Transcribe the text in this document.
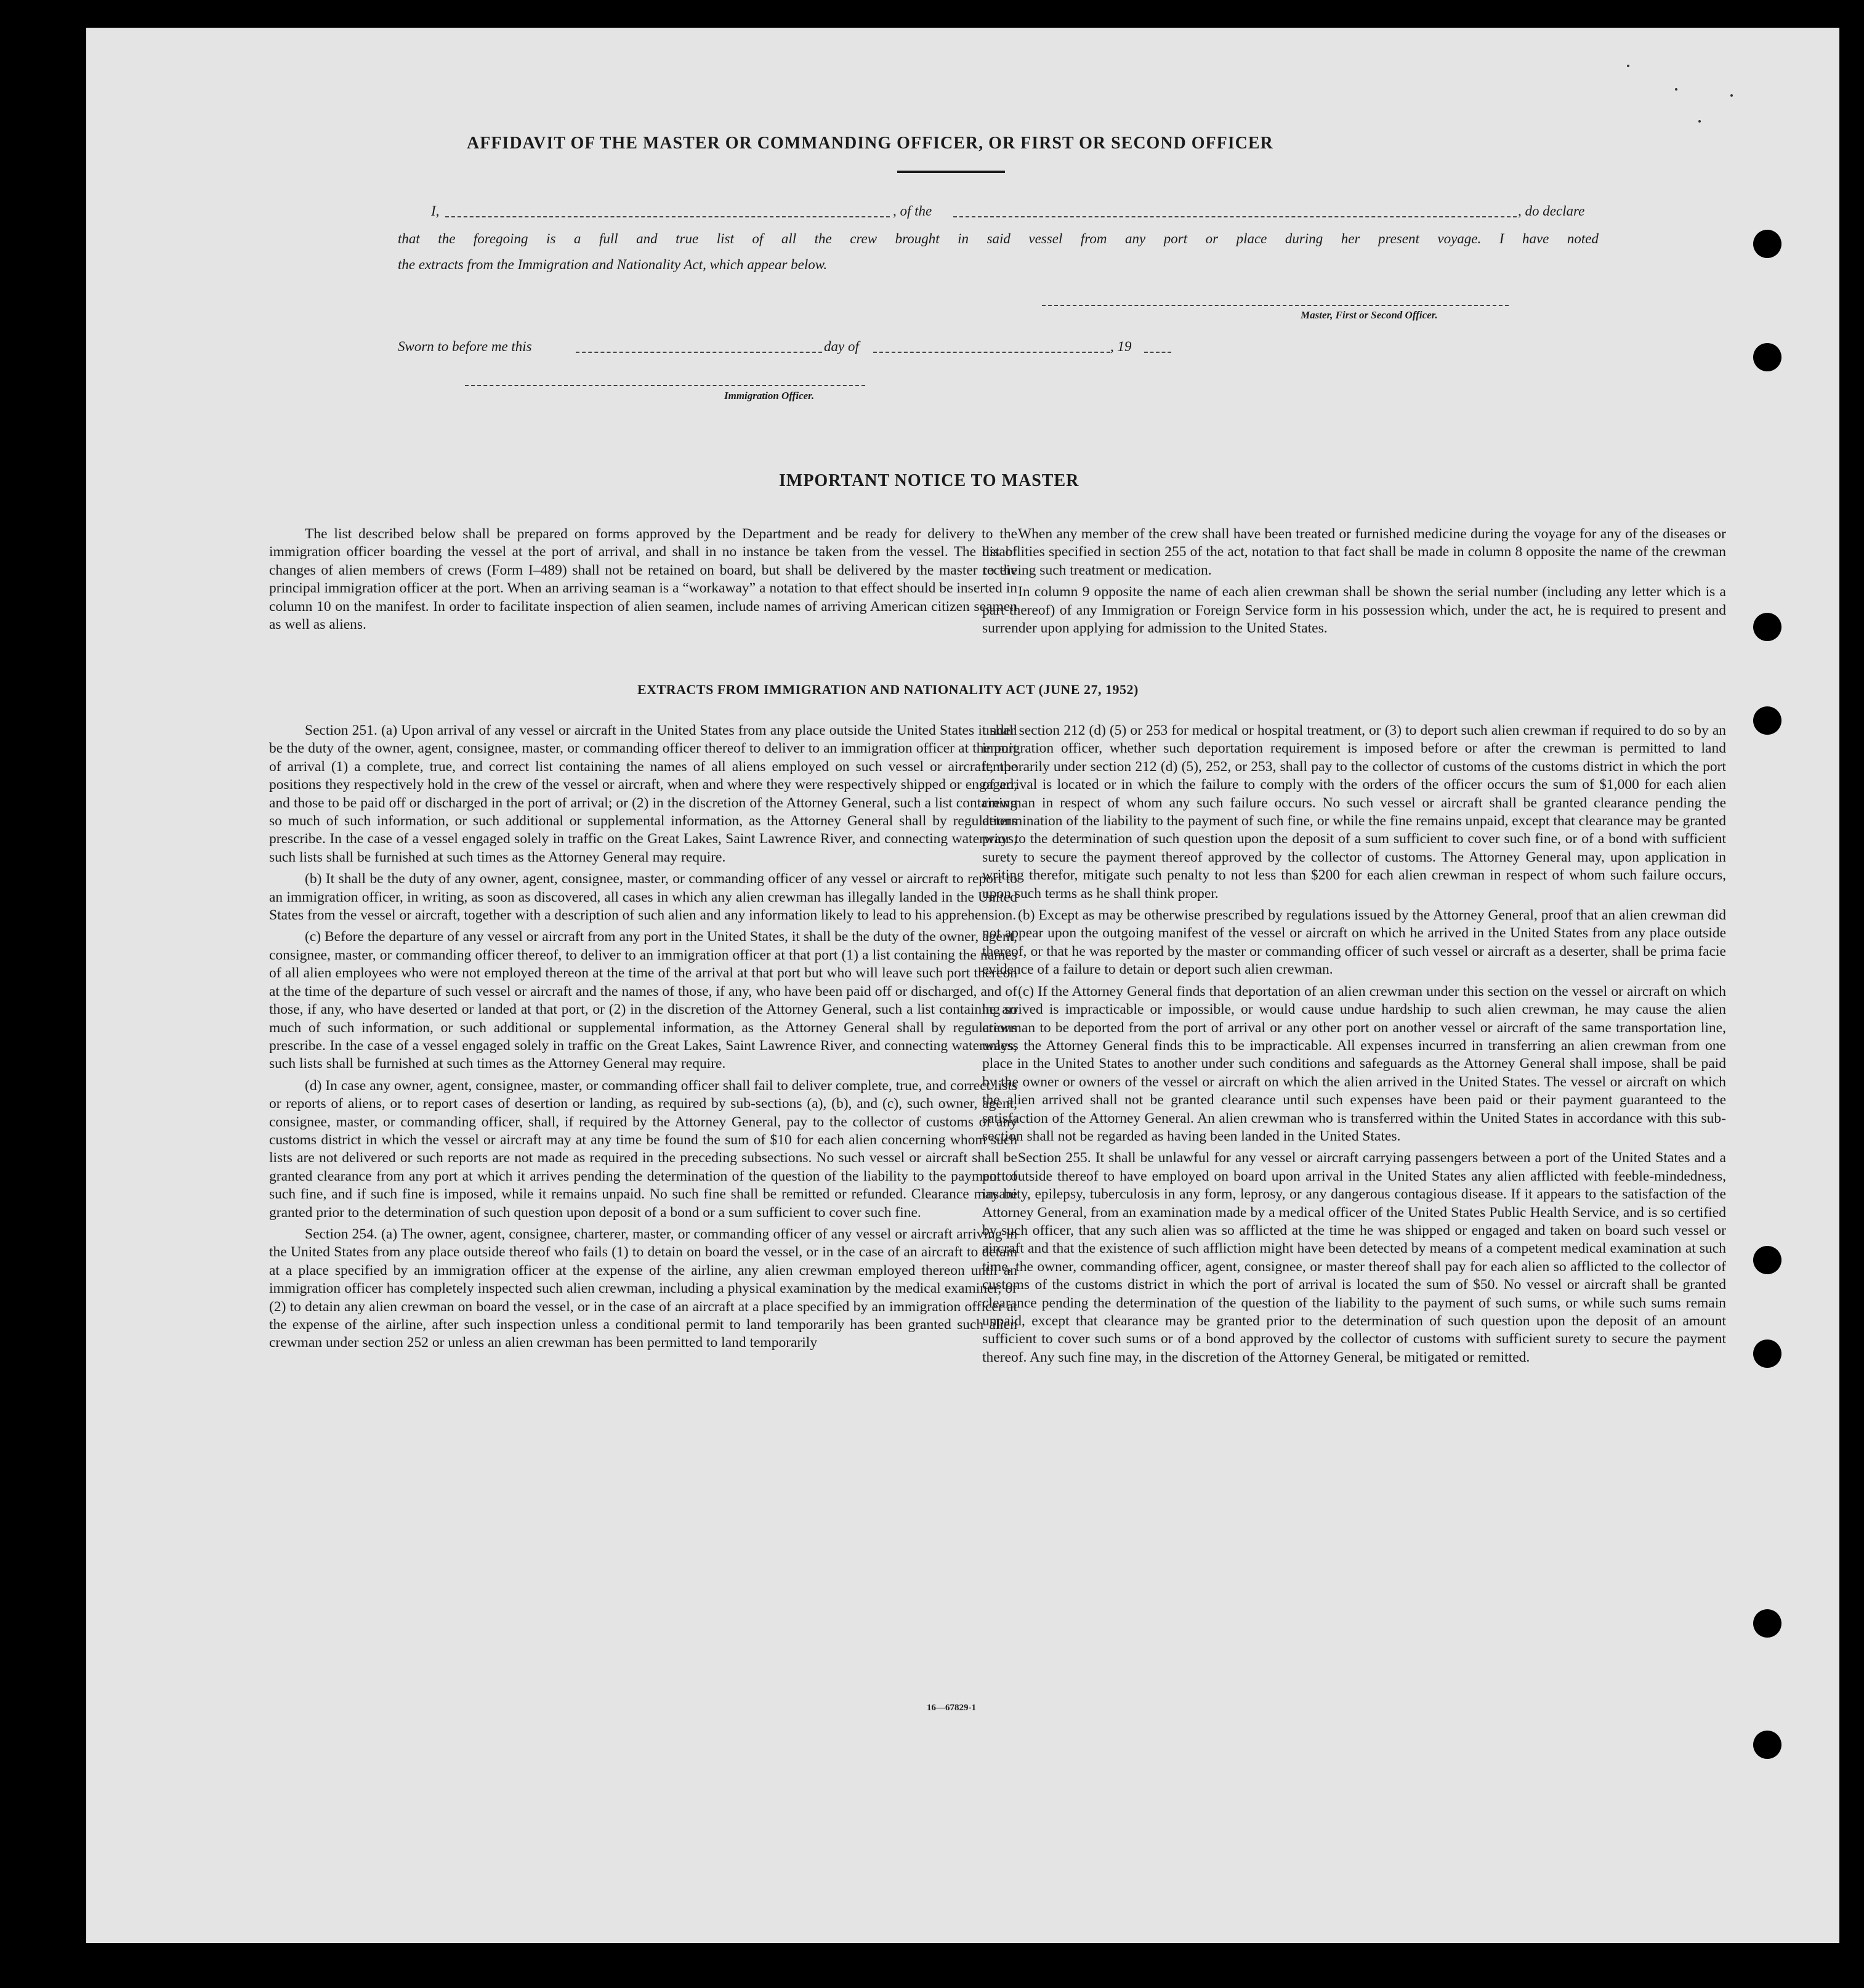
AFFIDAVIT OF THE MASTER OR COMMANDING OFFICER, OR FIRST OR SECOND OFFICER
I,	, of the	, do declare
that the foregoing is a full and true list of all the crew brought in said vessel from any port or place during her present voyage. I have noted
the extracts from the Immigration and Nationality Act, which appear below.
Master, First or Second Officer.
Sworn to before me this	day of	, 19
Immigration Officer.
IMPORTANT NOTICE TO MASTER

The list described below shall be prepared on forms approved by the Department and be ready for delivery to the immigration officer boarding the vessel at the port of arrival, and shall in no instance be taken from the vessel. The list of changes of alien members of crews (Form I–489) shall not be retained on board, but shall be delivered by the master to the principal immigration officer at the port. When an arriving seaman is a “workaway” a notation to that effect should be inserted in column 10 on the manifest. In order to facilitate inspection of alien seamen, include names of arriving American citizen seamen as well as aliens.

When any member of the crew shall have been treated or furnished medicine during the voyage for any of the diseases or disabilities specified in section 255 of the act, notation to that fact shall be made in column 8 opposite the name of the crewman receiving such treatment or medication.

In column 9 opposite the name of each alien crewman shall be shown the serial number (including any letter which is a part thereof) of any Immigration or Foreign Service form in his possession which, under the act, he is required to present and surrender upon applying for admission to the United States.

EXTRACTS FROM IMMIGRATION AND NATIONALITY ACT (JUNE 27, 1952)

Section 251. (a) Upon arrival of any vessel or aircraft in the United States from any place outside the United States it shall be the duty of the owner, agent, consignee, master, or commanding officer thereof to deliver to an immigration officer at the port of arrival (1) a complete, true, and correct list containing the names of all aliens employed on such vessel or aircraft, the positions they respectively hold in the crew of the vessel or aircraft, when and where they were respectively shipped or engaged, and those to be paid off or discharged in the port of arrival; or (2) in the discretion of the Attorney General, such a list containing so much of such information, or such additional or supplemental information, as the Attorney General shall by regulations prescribe. In the case of a vessel engaged solely in traffic on the Great Lakes, Saint Lawrence River, and connecting waterways, such lists shall be furnished at such times as the Attorney General may require.

(b) It shall be the duty of any owner, agent, consignee, master, or commanding officer of any vessel or aircraft to report to an immigration officer, in writing, as soon as discovered, all cases in which any alien crewman has illegally landed in the United States from the vessel or aircraft, together with a description of such alien and any information likely to lead to his apprehension.

(c) Before the departure of any vessel or aircraft from any port in the United States, it shall be the duty of the owner, agent, consignee, master, or commanding officer thereof, to deliver to an immigration officer at that port (1) a list containing the names of all alien employees who were not employed thereon at the time of the arrival at that port but who will leave such port thereon at the time of the departure of such vessel or aircraft and the names of those, if any, who have been paid off or discharged, and of those, if any, who have deserted or landed at that port, or (2) in the discretion of the Attorney General, such a list containing so much of such information, or such additional or supplemental information, as the Attorney General shall by regulations prescribe. In the case of a vessel engaged solely in traffic on the Great Lakes, Saint Lawrence River, and connecting waterways, such lists shall be furnished at such times as the Attorney General may require.

(d) In case any owner, agent, consignee, master, or commanding officer shall fail to deliver complete, true, and correct lists or reports of aliens, or to report cases of desertion or landing, as required by sub-sections (a), (b), and (c), such owner, agent, consignee, master, or commanding officer, shall, if required by the Attorney General, pay to the collector of customs of any customs district in which the vessel or aircraft may at any time be found the sum of $10 for each alien concerning whom such lists are not delivered or such reports are not made as required in the preceding subsections. No such vessel or aircraft shall be granted clearance from any port at which it arrives pending the determination of the question of the liability to the payment of such fine, and if such fine is imposed, while it remains unpaid. No such fine shall be remitted or refunded. Clearance may be granted prior to the determination of such question upon deposit of a bond or a sum sufficient to cover such fine.

Section 254. (a) The owner, agent, consignee, charterer, master, or commanding officer of any vessel or aircraft arriving in the United States from any place outside thereof who fails (1) to detain on board the vessel, or in the case of an aircraft to detain at a place specified by an immigration officer at the expense of the airline, any alien crewman employed thereon until an immigration officer has completely inspected such alien crewman, including a physical examination by the medical examiner, or (2) to detain any alien crewman on board the vessel, or in the case of an aircraft at a place specified by an immigration officer at the expense of the airline, after such inspection unless a conditional permit to land temporarily has been granted such alien crewman under section 252 or unless an alien crewman has been permitted to land temporarily

under section 212 (d) (5) or 253 for medical or hospital treatment, or (3) to deport such alien crewman if required to do so by an immigration officer, whether such deportation requirement is imposed before or after the crewman is permitted to land temporarily under section 212 (d) (5), 252, or 253, shall pay to the collector of customs of the customs district in which the port of arrival is located or in which the failure to comply with the orders of the officer occurs the sum of $1,000 for each alien crewman in respect of whom any such failure occurs. No such vessel or aircraft shall be granted clearance pending the determination of the liability to the payment of such fine, or while the fine remains unpaid, except that clearance may be granted prior to the determination of such question upon the deposit of a sum sufficient to cover such fine, or of a bond with sufficient surety to secure the payment thereof approved by the collector of customs. The Attorney General may, upon application in writing therefor, mitigate such penalty to not less than $200 for each alien crewman in respect of whom such failure occurs, upon such terms as he shall think proper.

(b) Except as may be otherwise prescribed by regulations issued by the Attorney General, proof that an alien crewman did not appear upon the outgoing manifest of the vessel or aircraft on which he arrived in the United States from any place outside thereof, or that he was reported by the master or commanding officer of such vessel or aircraft as a deserter, shall be prima facie evidence of a failure to detain or deport such alien crewman.

(c) If the Attorney General finds that deportation of an alien crewman under this section on the vessel or aircraft on which he arrived is impracticable or impossible, or would cause undue hardship to such alien crewman, he may cause the alien crewman to be deported from the port of arrival or any other port on another vessel or aircraft of the same transportation line, unless the Attorney General finds this to be impracticable. All expenses incurred in transferring an alien crewman from one place in the United States to another under such conditions and safeguards as the Attorney General shall impose, shall be paid by the owner or owners of the vessel or aircraft on which the alien arrived in the United States. The vessel or aircraft on which the alien arrived shall not be granted clearance until such expenses have been paid or their payment guaranteed to the satisfaction of the Attorney General. An alien crewman who is transferred within the United States in accordance with this sub-section shall not be regarded as having been landed in the United States.

Section 255. It shall be unlawful for any vessel or aircraft carrying passengers between a port of the United States and a port outside thereof to have employed on board upon arrival in the United States any alien afflicted with feeble-mindedness, insanity, epilepsy, tuberculosis in any form, leprosy, or any dangerous contagious disease. If it appears to the satisfaction of the Attorney General, from an examination made by a medical officer of the United States Public Health Service, and is so certified by such officer, that any such alien was so afflicted at the time he was shipped or engaged and taken on board such vessel or aircraft and that the existence of such affliction might have been detected by means of a competent medical examination at such time, the owner, commanding officer, agent, consignee, or master thereof shall pay for each alien so afflicted to the collector of customs of the customs district in which the port of arrival is located the sum of $50. No vessel or aircraft shall be granted clearance pending the determination of the question of the liability to the payment of such sums, or while such sums remain unpaid, except that clearance may be granted prior to the determination of such question upon the deposit of an amount sufficient to cover such sums or of a bond approved by the collector of customs with sufficient surety to secure the payment thereof. Any such fine may, in the discretion of the Attorney General, be mitigated or remitted.

16—67829-1
